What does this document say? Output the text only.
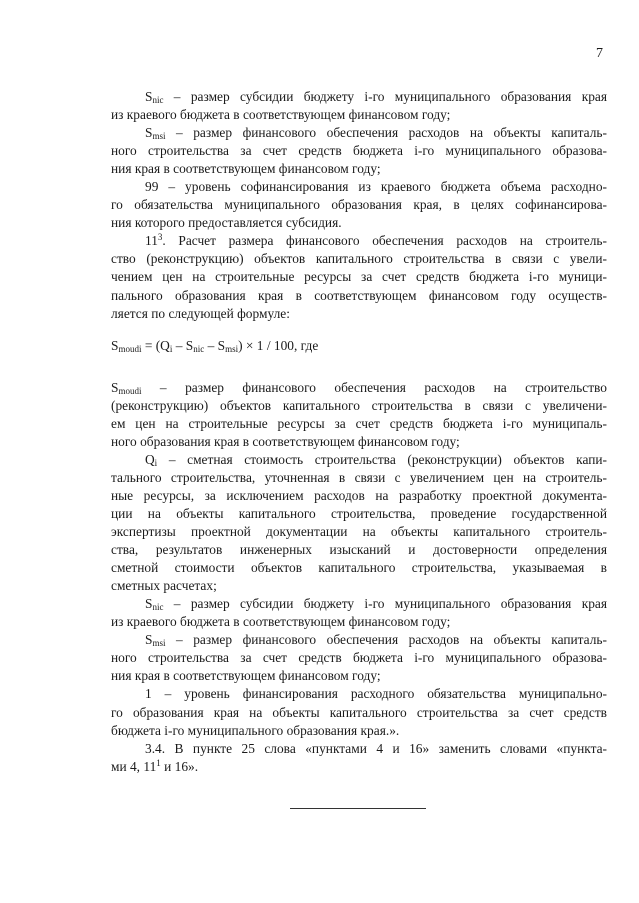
7
$S_{nic}$ – размер субсидии бюджету i-го муниципального образования края
из краевого бюджета в соответствующем финансовом году;
$S_{msi}$ – размер финансового обеспечения расходов на объекты капиталь-
ного строительства за счет средств бюджета i-го муниципального образова-
ния края в соответствующем финансовом году;
99 – уровень софинансирования из краевого бюджета объема расходно-
го обязательства муниципального образования края, в целях софинансирова-
ния которого предоставляется субсидия.
$11^3$. Расчет размера финансового обеспечения расходов на строитель-
ство (реконструкцию) объектов капитального строительства в связи с увели-
чением цен на строительные ресурсы за счет средств бюджета i-го муници-
пального образования края в соответствующем финансовом году осуществ-
ляется по следующей формуле:
$S_{moudi} = (Q_i - S_{nic} - S_{msi}) \times 1 / 100$, где
$S_{moudi}$ – размер финансового обеспечения расходов на строительство
(реконструкцию) объектов капитального строительства в связи с увеличени-
ем цен на строительные ресурсы за счет средств бюджета i-го муниципаль-
ного образования края в соответствующем финансовом году;
$Q_i$ – сметная стоимость строительства (реконструкции) объектов капи-
тального строительства, уточненная в связи с увеличением цен на строитель-
ные ресурсы, за исключением расходов на разработку проектной документа-
ции на объекты капитального строительства, проведение государственной
экспертизы проектной документации на объекты капитального строитель-
ства, результатов инженерных изысканий и достоверности определения
сметной стоимости объектов капитального строительства, указываемая в
сметных расчетах;
$S_{nic}$ – размер субсидии бюджету i-го муниципального образования края
из краевого бюджета в соответствующем финансовом году;
$S_{msi}$ – размер финансового обеспечения расходов на объекты капиталь-
ного строительства за счет средств бюджета i-го муниципального образова-
ния края в соответствующем финансовом году;
1 – уровень финансирования расходного обязательства муниципально-
го образования края на объекты капитального строительства за счет средств
бюджета i-го муниципального образования края.».
3.4. В пункте 25 слова «пунктами 4 и 16» заменить словами «пункта-
ми 4, $11^1$ и 16».
